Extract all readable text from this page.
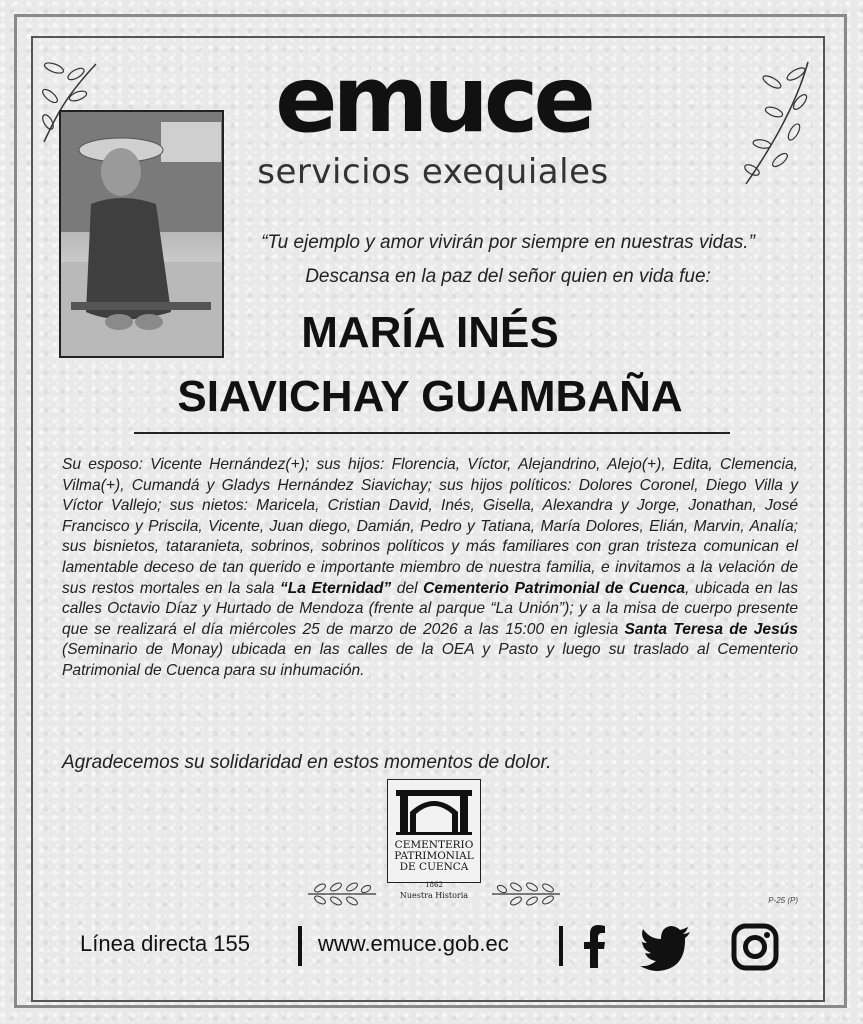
emuce
servicios exequiales
“Tu ejemplo y amor vivirán por siempre en nuestras vidas.”
Descansa en la paz del señor quien en vida fue:
MARÍA INÉS
SIAVICHAY GUAMBAÑA
Su esposo: Vicente Hernández(+); sus hijos: Florencia, Víctor, Alejandrino, Alejo(+), Edita, Clemencia, Vilma(+), Cumandá y Gladys Hernández Siavichay; sus hijos políticos: Dolores Coronel, Diego Villa y Víctor Vallejo; sus nietos: Maricela, Cristian David, Inés, Gisella, Alexandra y Jorge, Jonathan, José Francisco y Priscila, Vicente, Juan diego, Damián, Pedro y Tatiana, María Dolores, Elián, Marvin, Analía; sus bisnietos, tataranieta, sobrinos, sobrinos políticos y más familiares con gran tristeza comunican el lamentable deceso de tan querido e importante miembro de nuestra familia, e invitamos a la velación de sus restos mortales en la sala “La Eternidad” del Cementerio Patrimonial de Cuenca, ubicada en las calles Octavio Díaz y Hurtado de Mendoza (frente al parque “La Unión”); y a la misa de cuerpo presente que se realizará el día miércoles 25 de marzo de 2026 a las 15:00 en iglesia Santa Teresa de Jesús (Seminario de Monay) ubicada en las calles de la OEA y Pasto y luego su traslado al Cementerio Patrimonial de Cuenca para su inhumación.
Agradecemos su solidaridad en estos momentos de dolor.
CEMENTERIO
PATRIMONIAL
DE CUENCA
1862
Nuestra Historia
P-25 (P)
Línea directa 155	www.emuce.gob.ec
